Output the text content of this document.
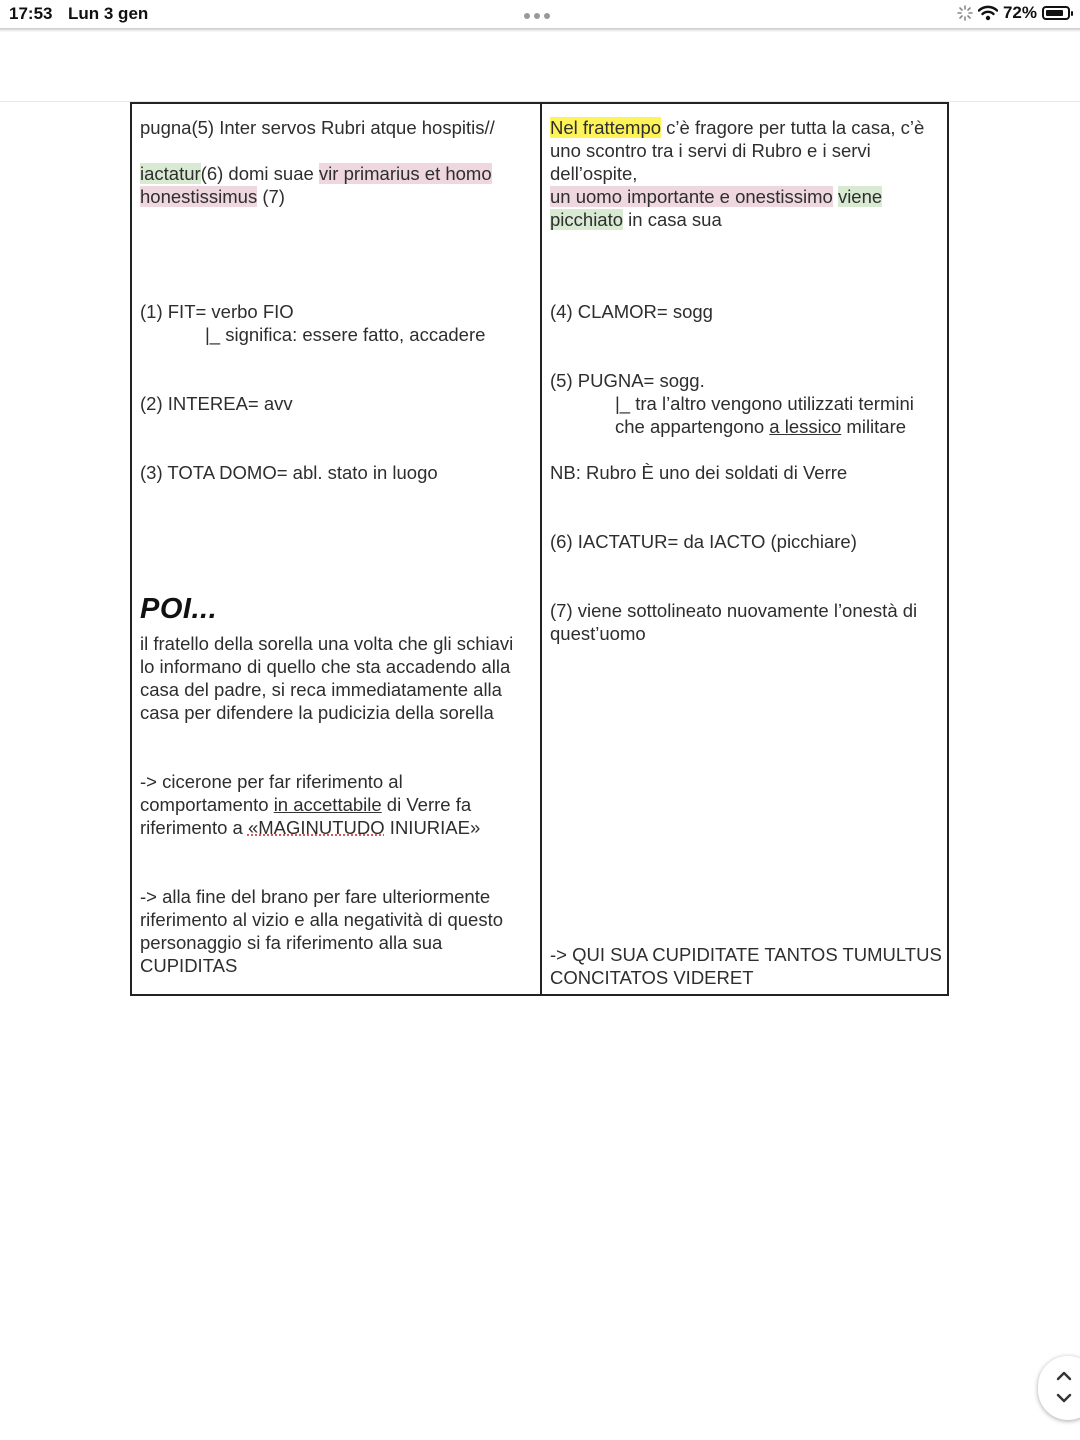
17:53 Lun 3 gen	72%

pugna(5) Inter servos Rubri atque hospitis//

iactatur(6) domi suae vir primarius et homo honestissimus (7)

(1) FIT= verbo FIO

|_ significa: essere fatto, accadere

(2) INTEREA= avv

(3) TOTA DOMO= abl. stato in luogo

POI...

il fratello della sorella una volta che gli schiavi lo informano di quello che sta accadendo alla casa del padre, si reca immediatamente alla casa per difendere la pudicizia della sorella

-> cicerone per far riferimento al comportamento in accettabile di Verre fa riferimento a «MAGINUTUDO INIURIAE»

-> alla fine del brano per fare ulteriormente riferimento al vizio e alla negatività di questo personaggio si fa riferimento alla sua CUPIDITAS

Nel frattempo c’è fragore per tutta la casa, c’è uno scontro tra i servi di Rubro e i servi dell’ospite,

un uomo importante e onestissimo viene picchiato in casa sua

(4) CLAMOR= sogg

(5) PUGNA= sogg.

|_ tra l’altro vengono utilizzati termini che appartengono a lessico militare

NB: Rubro È uno dei soldati di Verre

(6) IACTATUR= da IACTO (picchiare)

(7) viene sottolineato nuovamente l’onestà di quest’uomo

-> QUI SUA CUPIDITATE TANTOS TUMULTUS CONCITATOS VIDERET
